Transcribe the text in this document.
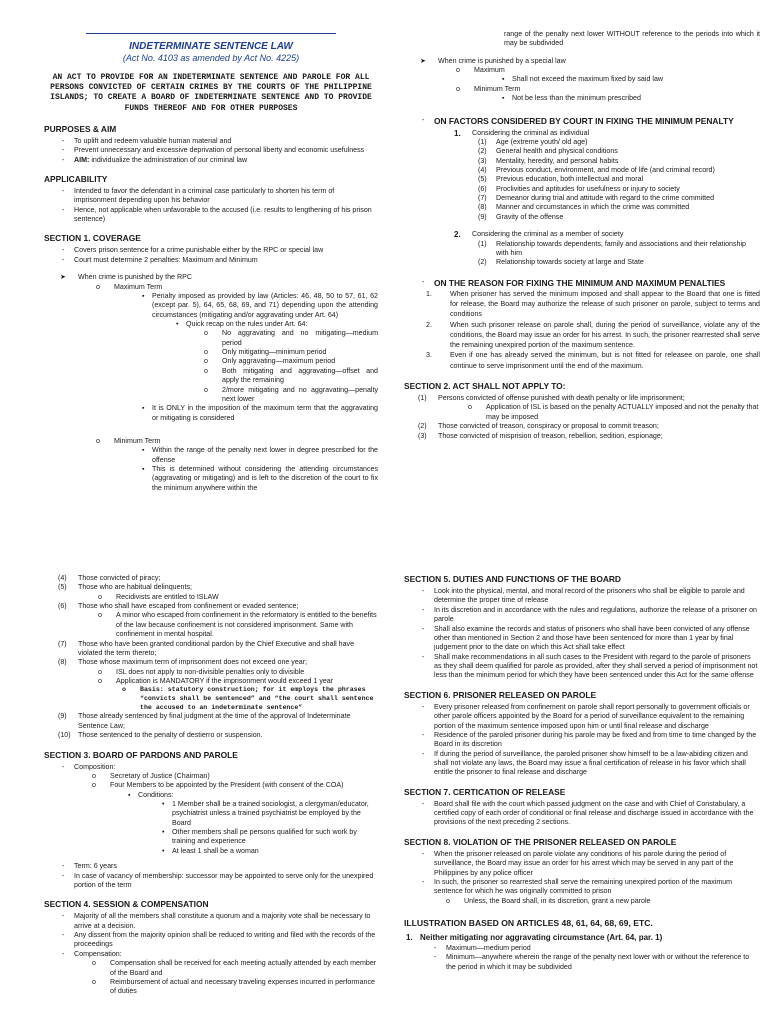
INDETERMINATE SENTENCE LAW

(Act No. 4103 as amended by Act No. 4225)

AN ACT TO PROVIDE FOR AN INDETERMINATE SENTENCE AND PAROLE FOR ALL PERSONS CONVICTED OF CERTAIN CRIMES BY THE COURTS OF THE PHILIPPINE ISLANDS; TO CREATE A BOARD OF INDETERMINATE SENTENCE AND TO PROVIDE FUNDS THEREOF AND FOR OTHER PURPOSES

PURPOSES & AIM
- To uplift and redeem valuable human material and
- Prevent unnecessary and excessive deprivation of personal liberty and economic usefulness
- AIM: individualize the administration of our criminal law
APPLICABILITY
- Intended to favor the defendant in a criminal case particularly to shorten his term of imprisonment depending upon his behavior
- Hence, not applicable when unfavorable to the accused (i.e. results to lengthening of his prison sentence)
SECTION 1. COVERAGE
- Covers prison sentence for a crime punishable either by the RPC or special law
- Court must determine 2 penalties: Maximum and Minimum
➤ When crime is punished by the RPC
o Maximum Term
▪ Penalty imposed as provided by law (Articles: 46, 48, 50 to 57, 61, 62 (except par. 5), 64, 65, 68, 69, and 71) depending upon the attending circumstances (mitigating and/or aggravating under Art. 64)
• Quick recap on the rules under Art. 64:
o No aggravating and no mitigating—medium period
o Only mitigating—minimum period
o Only aggravating—maximum period
o Both mitigating and aggravating—offset and apply the remaining
o 2/more mitigating and no aggravating—penalty next lower
▪ It is ONLY in the imposition of the maximum term that the aggravating or mitigating is considered
o Minimum Term
▪ Within the range of the penalty next lower in degree prescribed for the offense
▪ This is determined without considering the attending circumstances (aggravating or mitigating) and is left to the discretion of the court to fix the minimum anywhere within the
range of the penalty next lower WITHOUT reference to the periods into which it may be subdivided
➤ When crime is punished by a special law
o Maximum
▪ Shall not exceed the maximum fixed by said law
o Minimum Term
▪ Not be less than the minimum prescribed
- ON FACTORS CONSIDERED BY COURT IN FIXING THE MINIMUM PENALTY
1. Considering the criminal as individual
(1) Age (extreme youth/ old age)
(2) General health and physical conditions
(3) Mentality, heredity, and personal habits
(4) Previous conduct, environment, and mode of life (and criminal record)
(5) Previous education, both intellectual and moral
(6) Proclivities and aptitudes for usefulness or injury to society
(7) Demeanor during trial and attitude with regard to the crime committed
(8) Manner and circumstances in which the crime was committed
(9) Gravity of the offense
2. Considering the criminal as a member of society
(1) Relationship towards dependents, family and associations and their relationship with him
(2) Relationship towards society at large and State
- ON THE REASON FOR FIXING THE MINIMUM AND MAXIMUM PENALTIES
1.	When prisoner has served the minimum imposed and shall appear to the Board that one is fitted for release, the Board may authorize the release of such prisoner on parole, subject to terms and conditions
2.	When such prisoner release on parole shall, during the period of surveillance, violate any of the conditions, the Board may issue an order for his arrest. In such, the prisoner rearrested shall serve the remaining unexpired portion of the maximum sentence.
3.	Even if one has already served the minimum, but is not fitted for releasee on parole, one shall continue to serve imprisonment until the end of the maximum.
SECTION 2. ACT SHALL NOT APPLY TO:
(1) Persons convicted of offense punished with death penalty or life imprisonment;
o Application of ISL is based on the penalty ACTUALLY imposed and not the penalty that may be imposed
(2) Those convicted of treason, conspiracy or proposal to commit treason;
(3) Those convicted of misprision of treason, rebellion, sedition, espionage;
(4) Those convicted of piracy;
(5) Those who are habitual delinquents;
o Recidivists are entitled to ISLAW
(6) Those who shall have escaped from confinement or evaded sentence;
o A minor who escaped from confinement in the reformatory is entitled to the benefits of the law because confinement is not considered imprisonment. Same with confinement in mental hospital.
(7) Those who have been granted conditional pardon by the Chief Executive and shall have violated the term thereto;
(8) Those whose maximum term of imprisonment does not exceed one year;
o ISL does not apply to non-divisible penalties only to divisible
o Application is MANDATORY if the imprisonment would exceed 1 year
o Basis: statutory construction; for it employs the phrases “convicts shall be sentenced” and “the court shall sentence the accused to an indeterminate sentence”
(9) Those already sentenced by final judgment at the time of the approval of Indeterminate Sentence Law;
(10) Those sentenced to the penalty of destierro or suspension.
SECTION 3. BOARD OF PARDONS AND PAROLE
- Composition:
o Secretary of Justice (Chairman)
o Four Members to be appointed by the President (with consent of the COA)
▪ Conditions:
• 1 Member shall be a trained sociologist, a clergyman/educator, psychiatrist unless a trained psychiatrist be employed by the Board
• Other members shall pe persons qualified for such work by training and experience
• At least 1 shall be a woman
- Term: 6 years
- In case of vacancy of membership: successor may be appointed to serve only for the unexpired portion of the term
SECTION 4. SESSION & COMPENSATION
- Majority of all the members shall constitute a quorum and a majority vote shall be necessary to arrive at a decision.
- Any dissent from the majority opinion shall be reduced to writing and filed with the records of the proceedings
- Compensation:
o Compensation shall be received for each meeting actually attended by each member of the Board and
o Reimbursement of actual and necessary traveling expenses incurred in performance of duties
SECTION 5. DUTIES AND FUNCTIONS OF THE BOARD
- Look into the physical, mental, and moral record of the prisoners who shall be eligible to parole and determine the proper time of release
- In its discretion and in accordance with the rules and regulations, authorize the release of a prisoner on parole
- Shall also examine the records and status of prisoners who shall have been convicted of any offense other than mentioned in Section 2 and those have been sentenced for more than 1 year by final judgement prior to the date on which this Act shall take effect
- Shall make recommendations in all such cases to the President with regard to the parole of prisoners as they shall deem qualified for parole as provided, after they shall served a period of imprisonment not less than the minimum period for which they have been sentenced under this Act for the same offense
SECTION 6. PRISONER RELEASED ON PAROLE
- Every prisoner released from confinement on parole shall report personally to government officials or other parole officers appointed by the Board for a period of surveillance equivalent to the remaining portion of the maximum sentence imposed upon him or until final release and discharge
- Residence of the paroled prisoner during his parole may be fixed and from time to time changed by the Board in its discretion
- If during the period of surveillance, the paroled prisoner show himself to be a law-abiding citizen and shall not violate any laws, the Board may issue a final certification of release in his favor which shall entitle the prisoner to final release and discharge
SECTION 7. CERTICATION OF RELEASE
- Board shall file with the court which passed judgment on the case and with Chief of Constabulary, a certified copy of each order of conditional or final release and discharge issued in accordance with the provisions of the next preceding 2 sections.
SECTION 8. VIOLATION OF THE PRISONER RELEASED ON PAROLE
- When the prisoner released on parole violate any conditions of his parole during the period of surveillance, the Board may issue an order for his arrest which may be served in any part of the Philippines by any police officer
- In such, the prisoner so rearrested shall serve the remaining unexpired portion of the maximum sentence for which he was originally committed to prison
o Unless, the Board shall, in its discretion, grant a new parole
ILLUSTRATION BASED ON ARTICLES 48, 61, 64, 68, 69, ETC.
1. Neither mitigating nor aggravating circumstance (Art. 64, par. 1)
- Maximum—medium period
- Minimum—anywhere wherein the range of the penalty next lower with or without the reference to the period in which it may be subdivided
